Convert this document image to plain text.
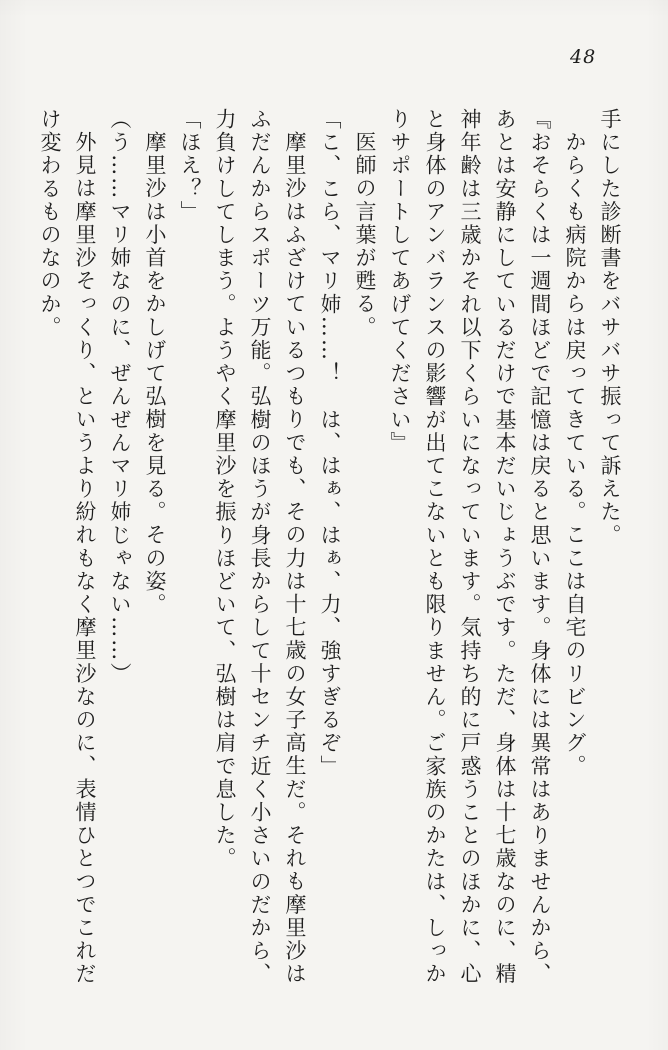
48

手にした診断書をバサバサ振って訴えた。

からくも病院からは戻ってきている。ここは自宅のリビング。

『おそらくは一週間ほどで記憶は戻ると思います。身体には異常はありませんから、あとは安静にしているだけで基本だいじょうぶです。ただ、身体は十七歳なのに、精神年齢は三歳かそれ以下くらいになっています。気持ち的に戸惑うことのほかに、心と身体のアンバランスの影響が出てこないとも限りません。ご家族のかたは、しっかりサポートしてあげてください』

医師の言葉が甦る。

「こ、こら、マリ姉……！　は、はぁ、はぁ、力、強すぎるぞ」

摩里沙はふざけているつもりでも、その力は十七歳の女子高生だ。それも摩里沙はふだんからスポーツ万能。弘樹のほうが身長からして十センチ近く小さいのだから、力負けしてしまう。ようやく摩里沙を振りほどいて、弘樹は肩で息した。

「ほえ？」

摩里沙は小首をかしげて弘樹を見る。その姿。

（う……マリ姉なのに、ぜんぜんマリ姉じゃない……）

外見は摩里沙そっくり、というより紛れもなく摩里沙なのに、表情ひとつでこれだけ変わるものなのか。
